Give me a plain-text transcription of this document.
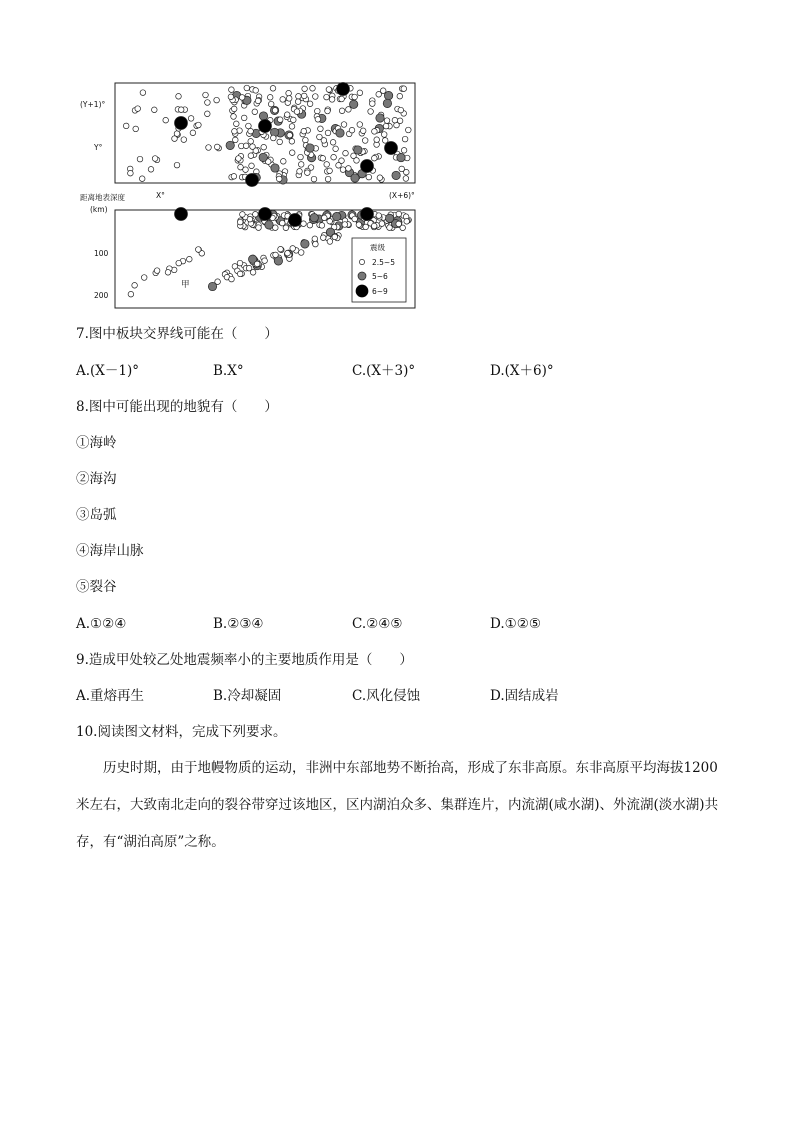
(Y+1)°
Y°
距离地表深度
(km)
X°	(X+6)°
100
200
甲
震级
2.5~5
5~6
6~9
7.图中板块交界线可能在（　　）
A.(X－1)°	B.X°	C.(X＋3)°	D.(X＋6)°
8.图中可能出现的地貌有（　　）
①海岭
②海沟
③岛弧
④海岸山脉
⑤裂谷
A.①②④	B.②③④	C.②④⑤	D.①②⑤
9.造成甲处较乙处地震频率小的主要地质作用是（　　）
A.重熔再生	B.冷却凝固	C.风化侵蚀	D.固结成岩
10.阅读图文材料，完成下列要求。

历史时期，由于地幔物质的运动，非洲中东部地势不断抬高，形成了东非高原。东非高原平均海拔1200米左右，大致南北走向的裂谷带穿过该地区，区内湖泊众多、集群连片，内流湖(咸水湖)、外流湖(淡水湖)共存，有“湖泊高原”之称。
